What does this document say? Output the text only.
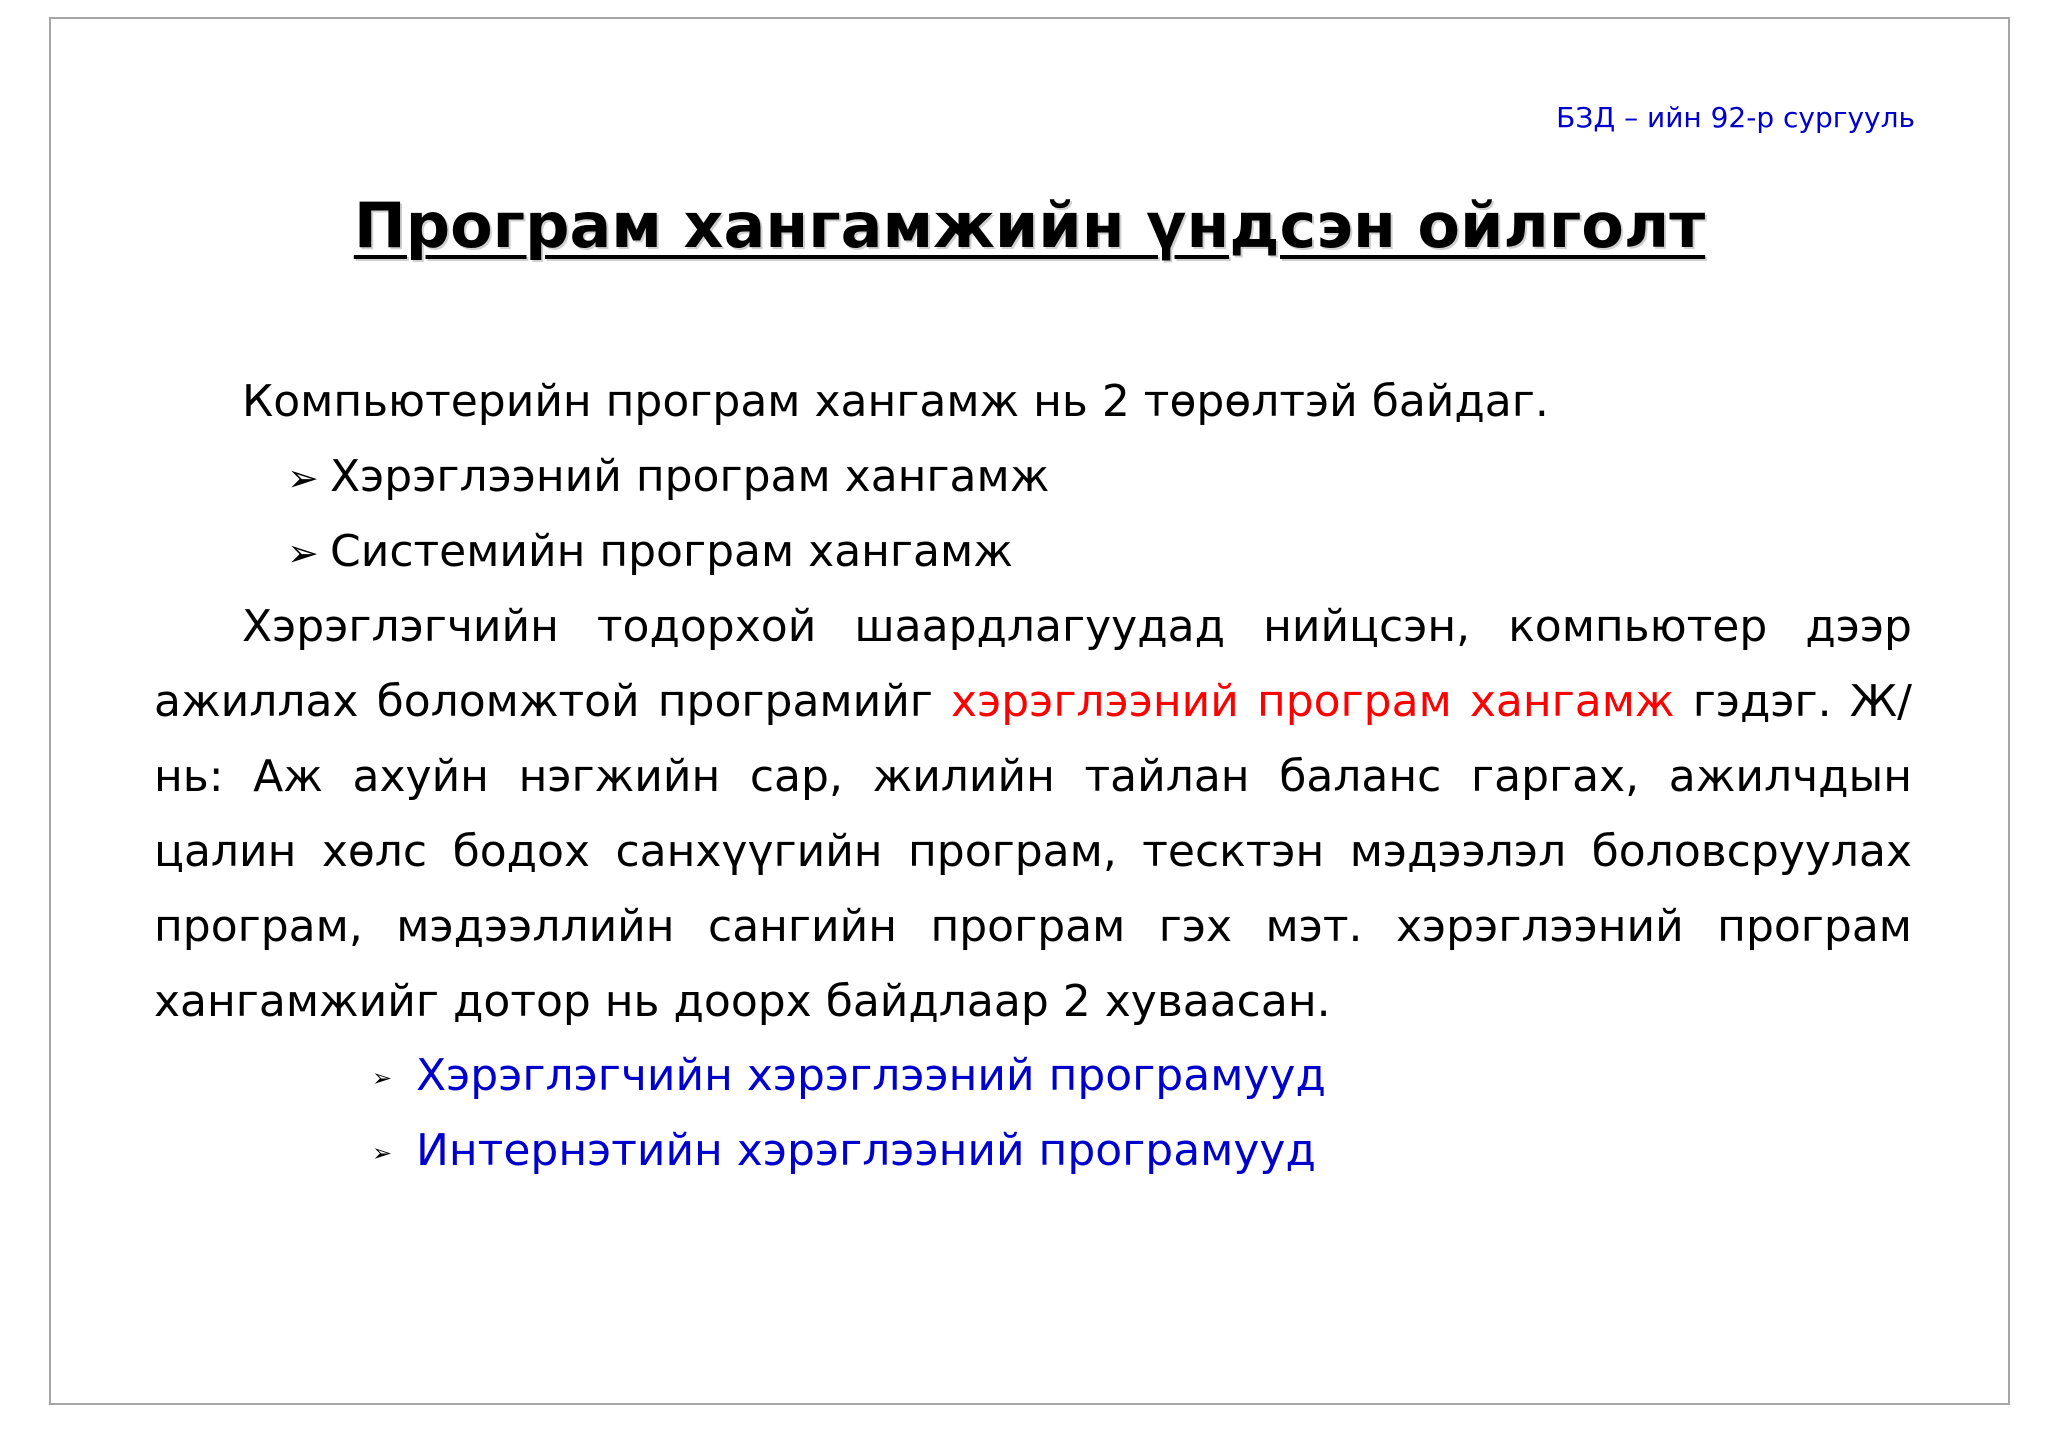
БЗД – ийн 92-р сургууль
Програм хангамжийн үндсэн ойлголт

Компьютерийн програм хангамж нь 2 төрөлтэй байдаг.

➢ Хэрэглээний програм хангамж
➢ Системийн програм хангамж

Хэрэглэгчийн тодорхой шаардлагуудад нийцсэн, компьютер дээр ажиллах боломжтой програмийг хэрэглээний програм хангамж гэдэг. Ж/нь: Аж ахуйн нэгжийн сар, жилийн тайлан баланс гаргах, ажилчдын цалин хөлс бодох санхүүгийн програм, тесктэн мэдээлэл боловсруулах програм, мэдээллийн сангийн програм гэх мэт. хэрэглээний програм хангамжийг дотор нь доорх байдлаар 2 хуваасан.

➢ Хэрэглэгчийн хэрэглээний програмууд
➢ Интернэтийн хэрэглээний програмууд
